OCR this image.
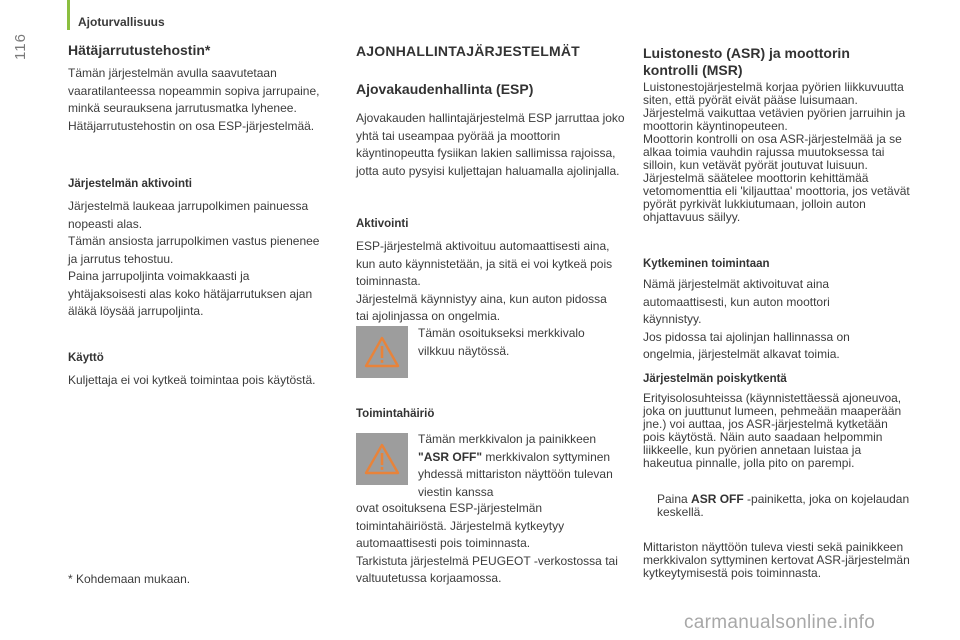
Ajoturvallisuus
116	Hätäjarrutustehostin*

Tämän järjestelmän avulla saavutetaan vaaratilanteessa nopeammin sopiva jarrupaine, minkä seurauksena jarrutusmatka lyhenee. Hätäjarrutustehostin on osa ESP-järjestelmää.

Järjestelmän aktivointi

Järjestelmä laukeaa jarrupolkimen painuessa nopeasti alas.

Tämän ansiosta jarrupolkimen vastus pienenee ja jarrutus tehostuu.

Paina jarrupoljinta voimakkaasti ja yhtäjaksoisesti alas koko hätäjarrutuksen ajan äläkä löysää jarrupoljinta.

Käyttö

Kuljettaja ei voi kytkeä toimintaa pois käytöstä.

* Kohdemaan mukaan.

AJONHALLINTAJÄRJESTELMÄT
Ajovakaudenhallinta (ESP)

Ajovakauden hallintajärjestelmä ESP jarruttaa joko yhtä tai useampaa pyörää ja moottorin käyntinopeutta fysiikan lakien sallimissa rajoissa, jotta auto pysyisi kuljettajan haluamalla ajolinjalla.

Aktivointi

ESP-järjestelmä aktivoituu automaattisesti aina, kun auto käynnistetään, ja sitä ei voi kytkeä pois toiminnasta.

Järjestelmä käynnistyy aina, kun auton pidossa tai ajolinjassa on ongelmia.

Tämän osoitukseksi merkkivalo vilkkuu näytössä.

Toimintahäiriö

Tämän merkkivalon ja painikkeen "ASR OFF" merkkivalon syttyminen yhdessä mittariston näyttöön tulevan viestin kanssa

ovat osoituksena ESP-järjestelmän toimintahäiriöstä. Järjestelmä kytkeytyy automaattisesti pois toiminnasta.

Tarkistuta järjestelmä PEUGEOT -verkostossa tai valtuutetussa korjaamossa.

Luistonesto (ASR) ja moottorin kontrolli (MSR)

Luistonestojärjestelmä korjaa pyörien liikkuvuutta siten, että pyörät eivät pääse luisumaan. Järjestelmä vaikuttaa vetävien pyörien jarruihin ja moottorin käyntinopeuteen.

Moottorin kontrolli on osa ASR-järjestelmää ja se alkaa toimia vauhdin rajussa muutoksessa tai silloin, kun vetävät pyörät joutuvat luisuun. Järjestelmä säätelee moottorin kehittämää vetomomenttia eli 'kiljauttaa' moottoria, jos vetävät pyörät pyrkivät lukkiutumaan, jolloin auton ohjattavuus säilyy.

Kytkeminen toimintaan

Nämä järjestelmät aktivoituvat aina automaattisesti, kun auton moottori käynnistyy.

Jos pidossa tai ajolinjan hallinnassa on ongelmia, järjestelmät alkavat toimia.

Järjestelmän poiskytkentä

Erityisolosuhteissa (käynnistettäessä ajoneuvoa, joka on juuttunut lumeen, pehmeään maaperään jne.) voi auttaa, jos ASR-järjestelmä kytketään pois käytöstä. Näin auto saadaan helpommin liikkeelle, kun pyörien annetaan luistaa ja hakeutua pinnalle, jolla pito on parempi.

Paina ASR OFF -painiketta, joka on kojelaudan keskellä.

Mittariston näyttöön tuleva viesti sekä painikkeen merkkivalon syttyminen kertovat ASR-järjestelmän kytkeytymisestä pois toiminnasta.

carmanualsonline.info
